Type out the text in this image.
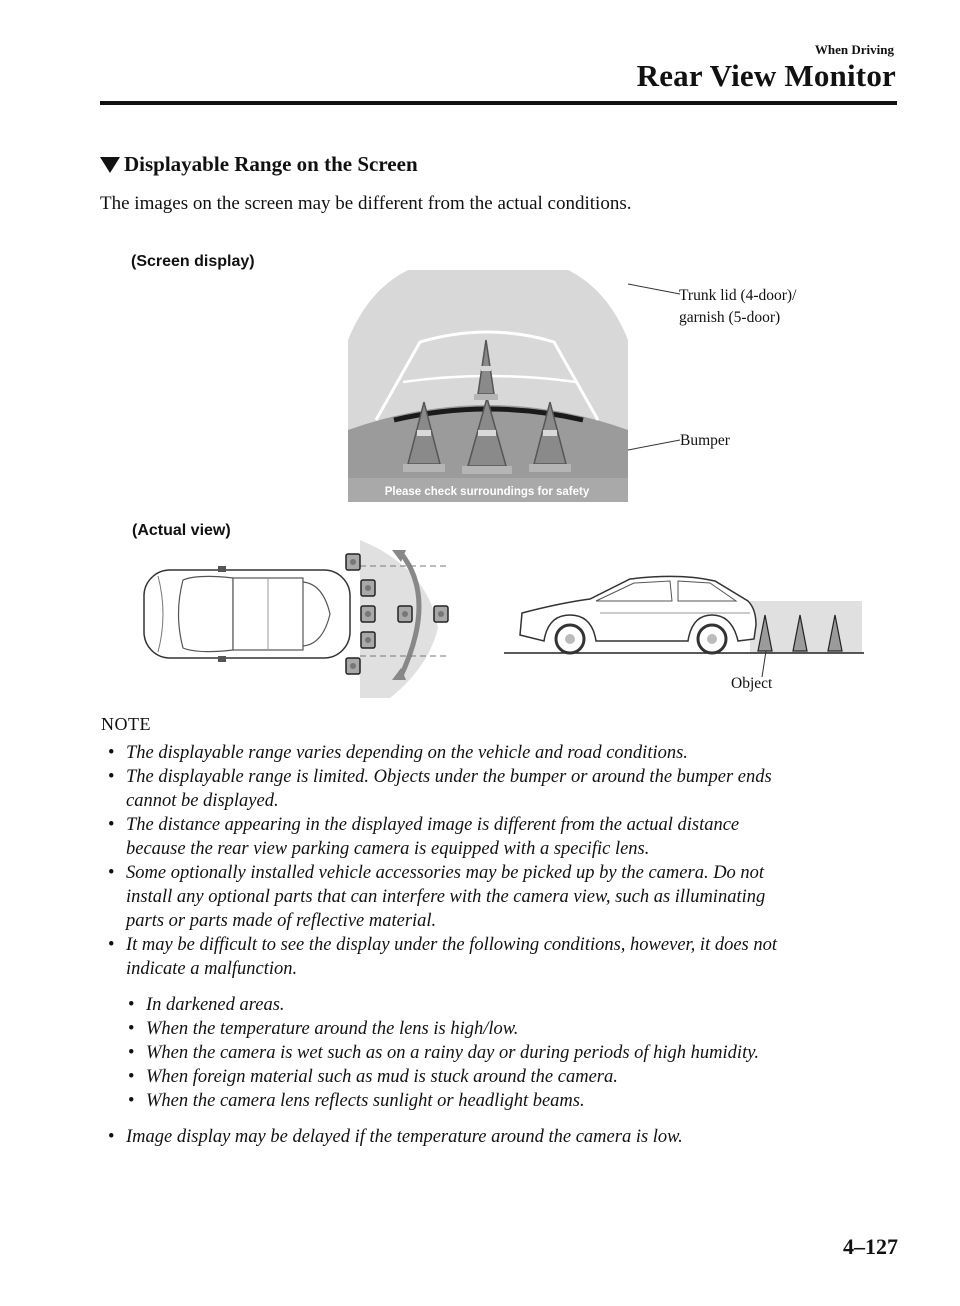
When Driving
Rear View Monitor
Displayable Range on the Screen
The images on the screen may be different from the actual conditions.
(Screen display)
Please check surroundings for safety
Trunk lid (4-door)/
garnish (5-door)
Bumper
(Actual view)
Object
NOTE
• The displayable range varies depending on the vehicle and road conditions.
• The displayable range is limited. Objects under the bumper or around the bumper ends
cannot be displayed.
• The distance appearing in the displayed image is different from the actual distance
because the rear view parking camera is equipped with a specific lens.
• Some optionally installed vehicle accessories may be picked up by the camera. Do not
install any optional parts that can interfere with the camera view, such as illuminating
parts or parts made of reflective material.
• It may be difficult to see the display under the following conditions, however, it does not
indicate a malfunction.
• In darkened areas.
• When the temperature around the lens is high/low.
• When the camera is wet such as on a rainy day or during periods of high humidity.
• When foreign material such as mud is stuck around the camera.
• When the camera lens reflects sunlight or headlight beams.
• Image display may be delayed if the temperature around the camera is low.
4–127
